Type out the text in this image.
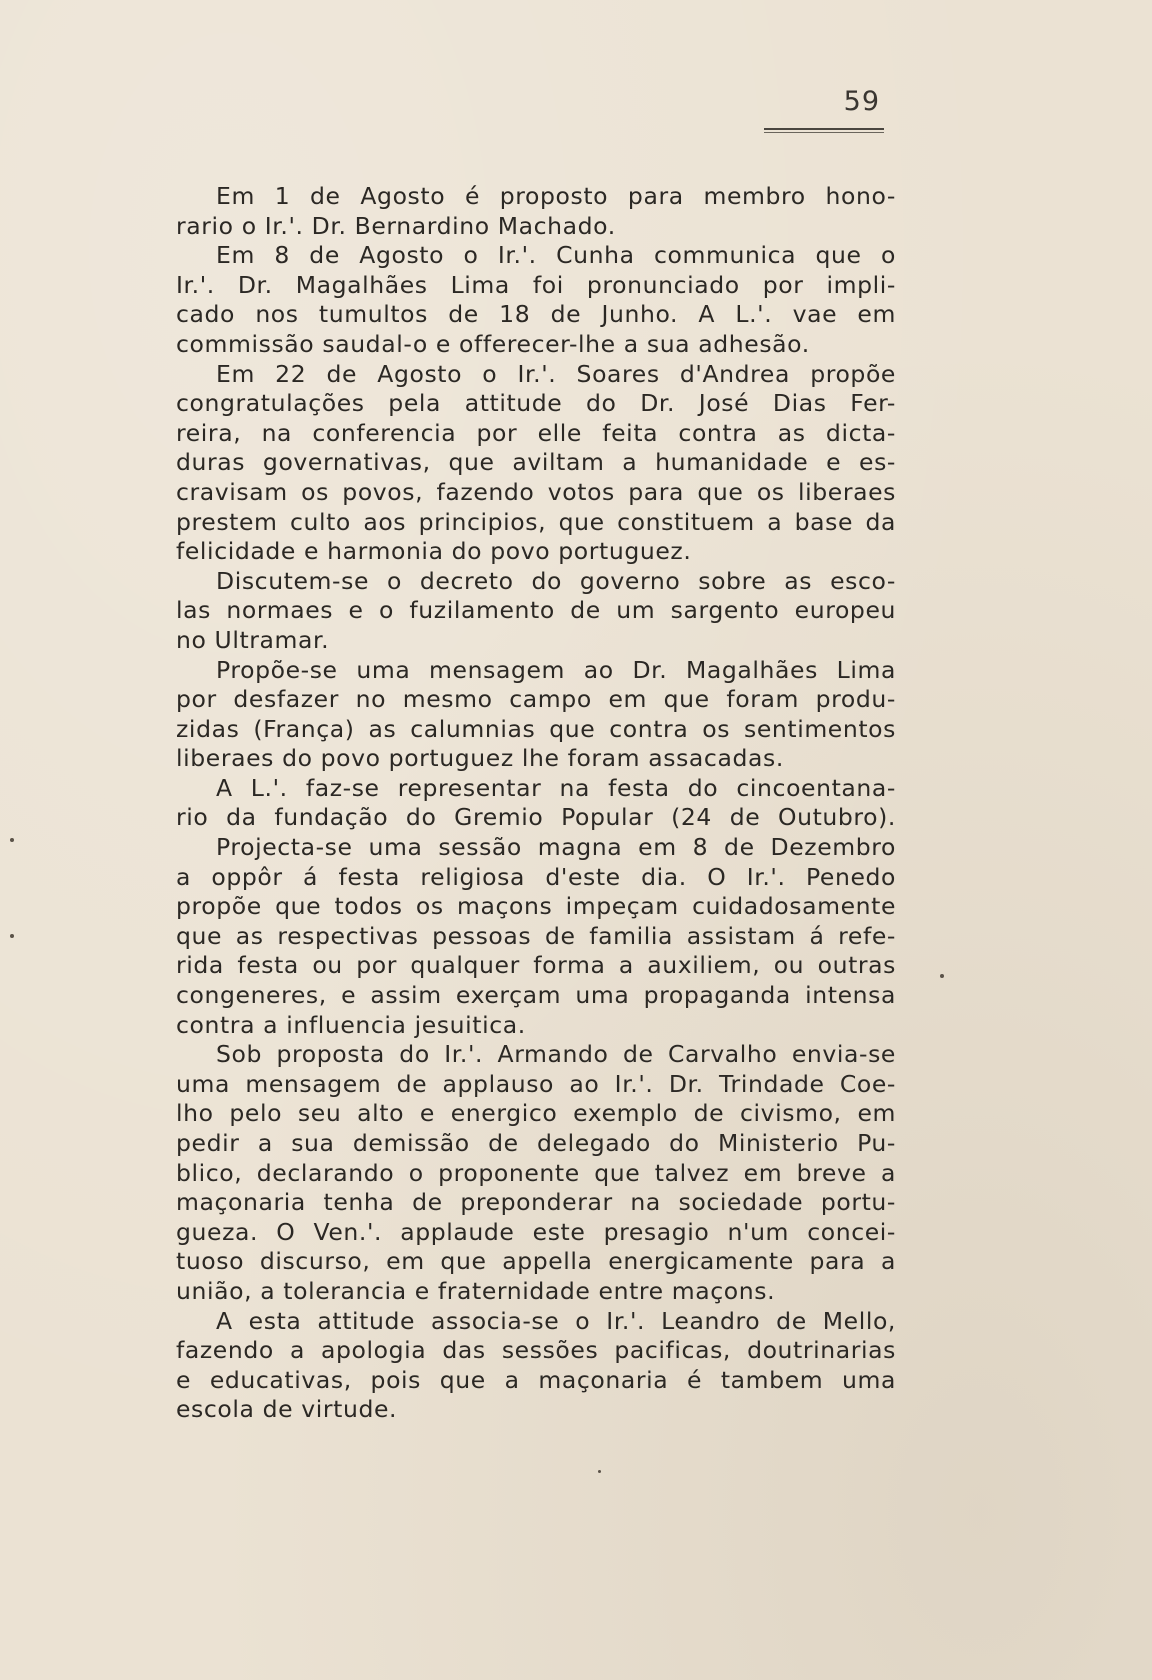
59
Em 1 de Agosto é proposto para membro hono-
rario o Ir.'. Dr. Bernardino Machado.
Em 8 de Agosto o Ir.'. Cunha communica que o
Ir.'. Dr. Magalhães Lima foi pronunciado por impli-
cado nos tumultos de 18 de Junho. A L.'. vae em
commissão saudal-o e offerecer-lhe a sua adhesão.
Em 22 de Agosto o Ir.'. Soares d'Andrea propõe
congratulações pela attitude do Dr. José Dias Fer-
reira, na conferencia por elle feita contra as dicta-
duras governativas, que aviltam a humanidade e es-
cravisam os povos, fazendo votos para que os liberaes
prestem culto aos principios, que constituem a base da
felicidade e harmonia do povo portuguez.
Discutem-se o decreto do governo sobre as esco-
las normaes e o fuzilamento de um sargento europeu
no Ultramar.
Propõe-se uma mensagem ao Dr. Magalhães Lima
por desfazer no mesmo campo em que foram produ-
zidas (França) as calumnias que contra os sentimentos
liberaes do povo portuguez lhe foram assacadas.
A L.'. faz-se representar na festa do cincoentana-
rio da fundação do Gremio Popular (24 de Outubro).
Projecta-se uma sessão magna em 8 de Dezembro
a oppôr á festa religiosa d'este dia. O Ir.'. Penedo
propõe que todos os maçons impeçam cuidadosamente
que as respectivas pessoas de familia assistam á refe-
rida festa ou por qualquer forma a auxiliem, ou outras
congeneres, e assim exerçam uma propaganda intensa
contra a influencia jesuitica.
Sob proposta do Ir.'. Armando de Carvalho envia-se
uma mensagem de applauso ao Ir.'. Dr. Trindade Coe-
lho pelo seu alto e energico exemplo de civismo, em
pedir a sua demissão de delegado do Ministerio Pu-
blico, declarando o proponente que talvez em breve a
maçonaria tenha de preponderar na sociedade portu-
gueza. O Ven.'. applaude este presagio n'um concei-
tuoso discurso, em que appella energicamente para a
união, a tolerancia e fraternidade entre maçons.
A esta attitude associa-se o Ir.'. Leandro de Mello,
fazendo a apologia das sessões pacificas, doutrinarias
e educativas, pois que a maçonaria é tambem uma
escola de virtude.
